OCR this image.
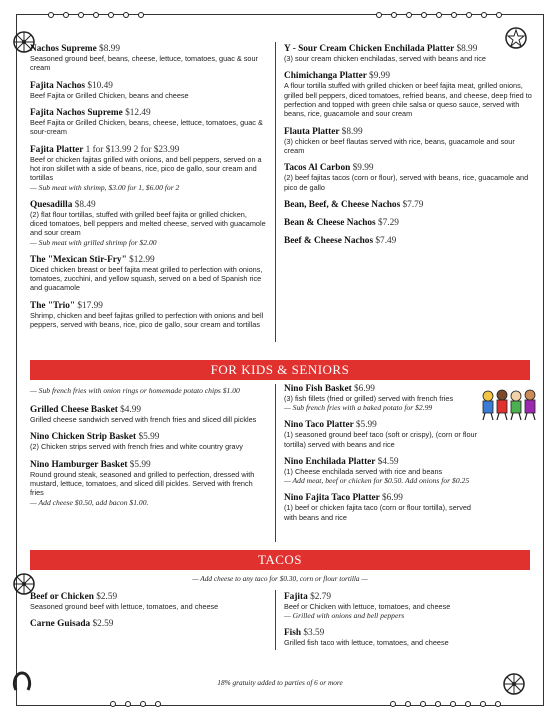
Nachos Supreme $8.99
Seasoned ground beef, beans, cheese, lettuce, tomatoes, guac & sour cream
Fajita Nachos $10.49
Beef Fajita or Grilled Chicken, beans and cheese
Fajita Nachos Supreme $12.49
Beef Fajita or Grilled Chicken, beans, cheese, lettuce, tomatoes, guac & sour-cream
Fajita Platter 1 for $13.99 2 for $23.99
Beef or chicken fajitas grilled with onions, and bell peppers, served on a hot iron skillet with a side of beans, rice, pico de gallo, sour cream and tortillas
— Sub meat with shrimp, $3.00 for 1, $6.00 for 2
Quesadilla $8.49
(2) flat flour tortillas, stuffed with grilled beef fajita or grilled chicken, diced tomatoes, bell peppers and melted cheese, served with guacamole and sour cream
— Sub meat with grilled shrimp for $2.00
The "Mexican Stir-Fry" $12.99
Diced chicken breast or beef fajita meat grilled to perfection with onions, tomatoes, zucchini, and yellow squash, served on a bed of Spanish rice and guacamole
The "Trio" $17.99
Shrimp, chicken and beef fajitas grilled to perfection with onions and bell peppers, served with beans, rice, pico de gallo, sour cream and tortillas
Y - Sour Cream Chicken Enchilada Platter $8.99
(3) sour cream chicken enchiladas, served with beans and rice
Chimichanga Platter $9.99
A flour tortilla stuffed with grilled chicken or beef fajita meat, grilled onions, grilled bell peppers, diced tomatoes, refried beans, and cheese, deep fried to perfection and topped with green chile salsa or queso sauce, served with beans, rice, guacamole and sour cream
Flauta Platter $8.99
(3) chicken or beef flautas served with rice, beans, guacamole and sour cream
Tacos Al Carbon $9.99
(2) beef fajitas tacos (corn or flour), served with beans, rice, guacamole and pico de gallo
Bean, Beef, & Cheese Nachos $7.79
Bean & Cheese Nachos $7.29
Beef & Cheese Nachos $7.49
FOR KIDS & SENIORS
— Sub french fries with onion rings or homemade potato chips $1.00
Grilled Cheese Basket $4.99
Grilled cheese sandwich served with french fries and sliced dill pickles
Nino Chicken Strip Basket $5.99
(2) Chicken strips served with french fries and white country gravy
Nino Hamburger Basket $5.99
Round ground steak, seasoned and grilled to perfection, dressed with mustard, lettuce, tomatoes, and sliced dill pickles. Served with french fries
— Add cheese $0.50, add bacon $1.00.
Nino Fish Basket $6.99
(3) fish fillets (fried or grilled) served with french fries
— Sub french fries with a baked potato for $2.99
Nino Taco Platter $5.99
(1) seasoned ground beef taco (soft or crispy), (corn or flour tortilla) served with beans and rice
Nino Enchilada Platter $4.59
(1) Cheese enchilada served with rice and beans
— Add meat, beef or chicken for $0.50. Add onions for $0.25
Nino Fajita Taco Platter $6.99
(1) beef or chicken fajita taco (corn or flour tortilla), served with beans and rice
TACOS
— Add cheese to any taco for $0.30, corn or flour tortilla —
Beef or Chicken $2.59
Seasoned ground beef with lettuce, tomatoes, and cheese
Carne Guisada $2.59
Fajita $2.79
Beef or Chicken with lettuce, tomatoes, and cheese
— Grilled with onions and bell peppers
Fish $3.59
Grilled fish taco with lettuce, tomatoes, and cheese
18% gratuity added to parties of 6 or more
